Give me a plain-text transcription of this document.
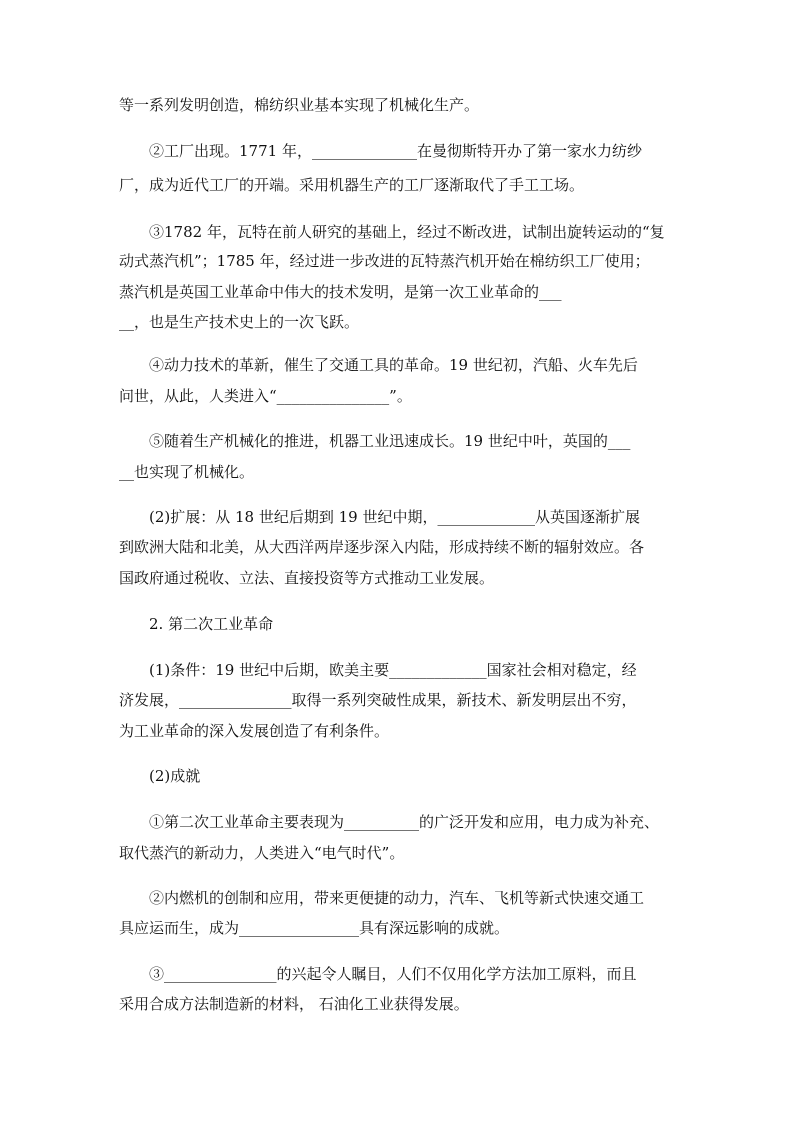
等一系列发明创造，棉纺织业基本实现了机械化生产。
②工厂出现。1771 年，______________在曼彻斯特开办了第一家水力纺纱
厂，成为近代工厂的开端。采用机器生产的工厂逐渐取代了手工工场。
③1782 年，瓦特在前人研究的基础上，经过不断改进，试制出旋转运动的“复
动式蒸汽机”；1785 年，经过进一步改进的瓦特蒸汽机开始在棉纺织工厂使用；
蒸汽机是英国工业革命中伟大的技术发明，是第一次工业革命的___
__，也是生产技术史上的一次飞跃。
④动力技术的革新，催生了交通工具的革命。19 世纪初，汽船、火车先后
问世，从此，人类进入“_______________”。
⑤随着生产机械化的推进，机器工业迅速成长。19 世纪中叶，英国的___
__也实现了机械化。
(2)扩展：从 18 世纪后期到 19 世纪中期，_____________从英国逐渐扩展
到欧洲大陆和北美，从大西洋两岸逐步深入内陆，形成持续不断的辐射效应。各
国政府通过税收、立法、直接投资等方式推动工业发展。
2. 第二次工业革命
(1)条件：19 世纪中后期，欧美主要_____________国家社会相对稳定，经
济发展，_______________取得一系列突破性成果，新技术、新发明层出不穷，
为工业革命的深入发展创造了有利条件。
(2)成就
①第二次工业革命主要表现为__________的广泛开发和应用，电力成为补充、
取代蒸汽的新动力，人类进入“电气时代”。
②内燃机的创制和应用，带来更便捷的动力，汽车、飞机等新式快速交通工
具应运而生，成为________________具有深远影响的成就。
③_______________的兴起令人瞩目，人们不仅用化学方法加工原料，而且
采用合成方法制造新的材料， 石油化工业获得发展。
